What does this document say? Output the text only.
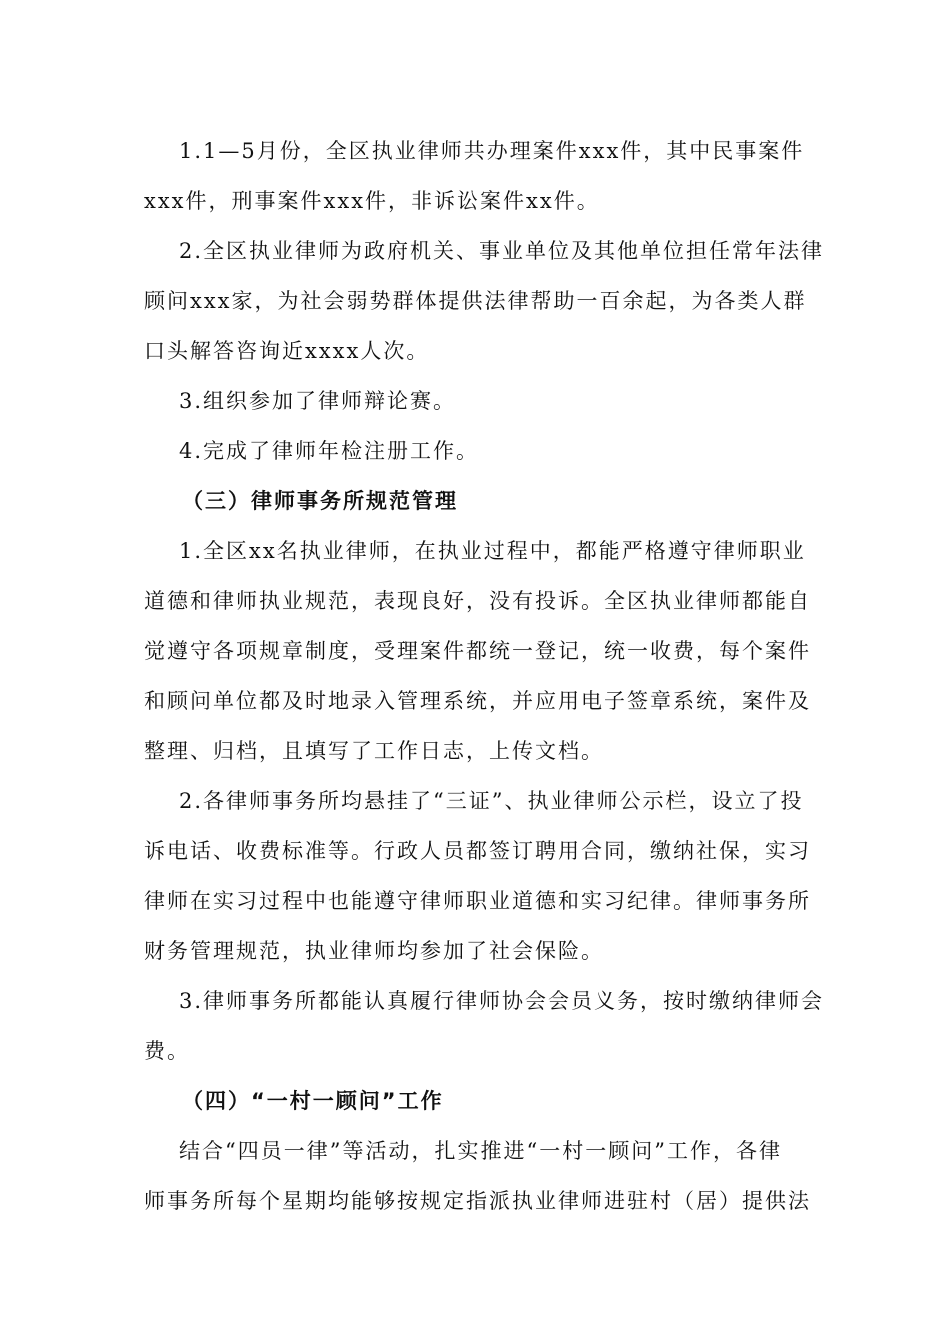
1.1—5月份，全区执业律师共办理案件xxx件，其中民事案件
xxx件，刑事案件xxx件，非诉讼案件xx件。
2.全区执业律师为政府机关、事业单位及其他单位担任常年法律
顾问xxx家，为社会弱势群体提供法律帮助一百余起，为各类人群
口头解答咨询近xxxx人次。
3.组织参加了律师辩论赛。
4.完成了律师年检注册工作。
（三）律师事务所规范管理
1.全区xx名执业律师，在执业过程中，都能严格遵守律师职业
道德和律师执业规范，表现良好，没有投诉。全区执业律师都能自
觉遵守各项规章制度，受理案件都统一登记，统一收费，每个案件
和顾问单位都及时地录入管理系统，并应用电子签章系统，案件及
整理、归档，且填写了工作日志，上传文档。
2.各律师事务所均悬挂了“三证”、执业律师公示栏，设立了投
诉电话、收费标准等。行政人员都签订聘用合同，缴纳社保，实习
律师在实习过程中也能遵守律师职业道德和实习纪律。律师事务所
财务管理规范，执业律师均参加了社会保险。
3.律师事务所都能认真履行律师协会会员义务，按时缴纳律师会
费。
（四）“一村一顾问”工作
结合“四员一律”等活动，扎实推进“一村一顾问”工作，各律
师事务所每个星期均能够按规定指派执业律师进驻村（居）提供法
